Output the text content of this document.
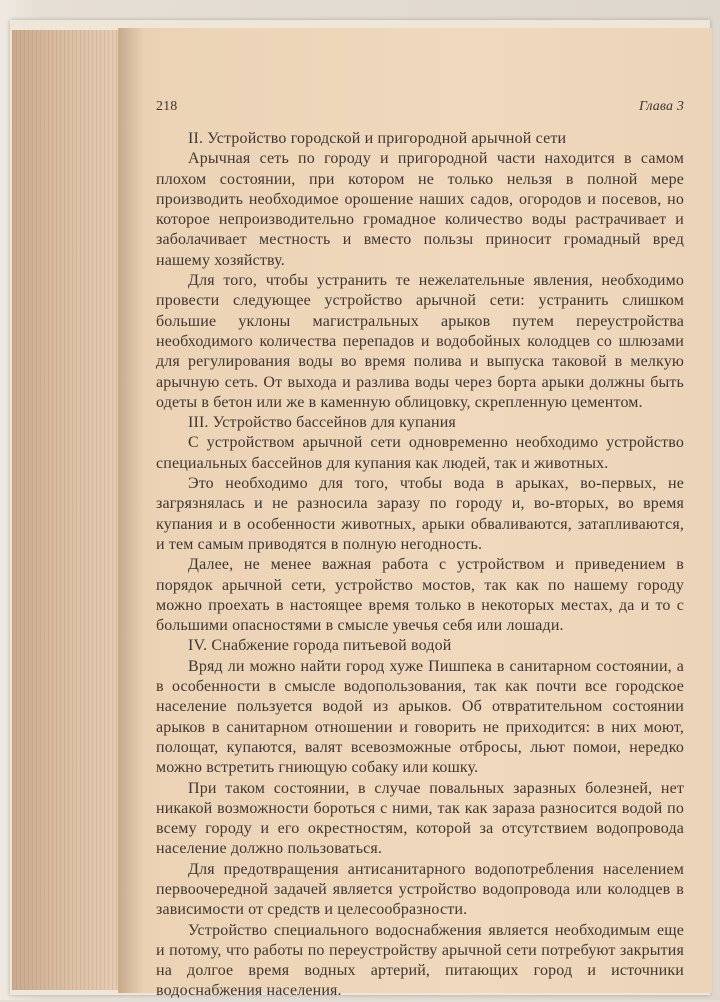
218	Глава 3

II. Устройство городской и пригородной арычной сети

Арычная сеть по городу и пригородной части находится в самом плохом состоянии, при котором не только нельзя в полной мере производить необходимое орошение наших садов, огородов и посевов, но которое непроизводительно громадное количество воды растрачивает и заболачивает местность и вместо пользы приносит громадный вред нашему хозяйству.

Для того, чтобы устранить те нежелательные явления, необходимо провести следующее устройство арычной сети: устранить слишком большие уклоны магистральных арыков путем переустройства необходимого количества перепадов и водобойных колодцев со шлюзами для регулирования воды во время полива и выпуска таковой в мелкую арычную сеть. От выхода и разлива воды через борта арыки должны быть одеты в бетон или же в каменную облицовку, скрепленную цементом.

III. Устройство бассейнов для купания

С устройством арычной сети одновременно необходимо устройство специальных бассейнов для купания как людей, так и животных.

Это необходимо для того, чтобы вода в арыках, во-первых, не загрязнялась и не разносила заразу по городу и, во-вторых, во время купания и в особенности животных, арыки обваливаются, затапливаются, и тем самым приводятся в полную негодность.

Далее, не менее важная работа с устройством и приведением в порядок арычной сети, устройство мостов, так как по нашему городу можно проехать в настоящее время только в некоторых местах, да и то с большими опасностями в смысле увечья себя или лошади.

IV. Снабжение города питьевой водой

Вряд ли можно найти город хуже Пишпека в санитарном состоянии, а в особенности в смысле водопользования, так как почти все городское население пользуется водой из арыков. Об отвратительном состоянии арыков в санитарном отношении и говорить не приходится: в них моют, полощат, купаются, валят всевозможные отбросы, льют помои, нередко можно встретить гниющую собаку или кошку.

При таком состоянии, в случае повальных заразных болезней, нет никакой возможности бороться с ними, так как зараза разносится водой по всему городу и его окрестностям, которой за отсутствием водопровода население должно пользоваться.

Для предотвращения антисанитарного водопотребления населением первоочередной задачей является устройство водопровода или колодцев в зависимости от средств и целесообразности.

Устройство специального водоснабжения является необходимым еще и потому, что работы по переустройству арычной сети потребуют закрытия на долгое время водных артерий, питающих город и источники водоснабжения населения.
